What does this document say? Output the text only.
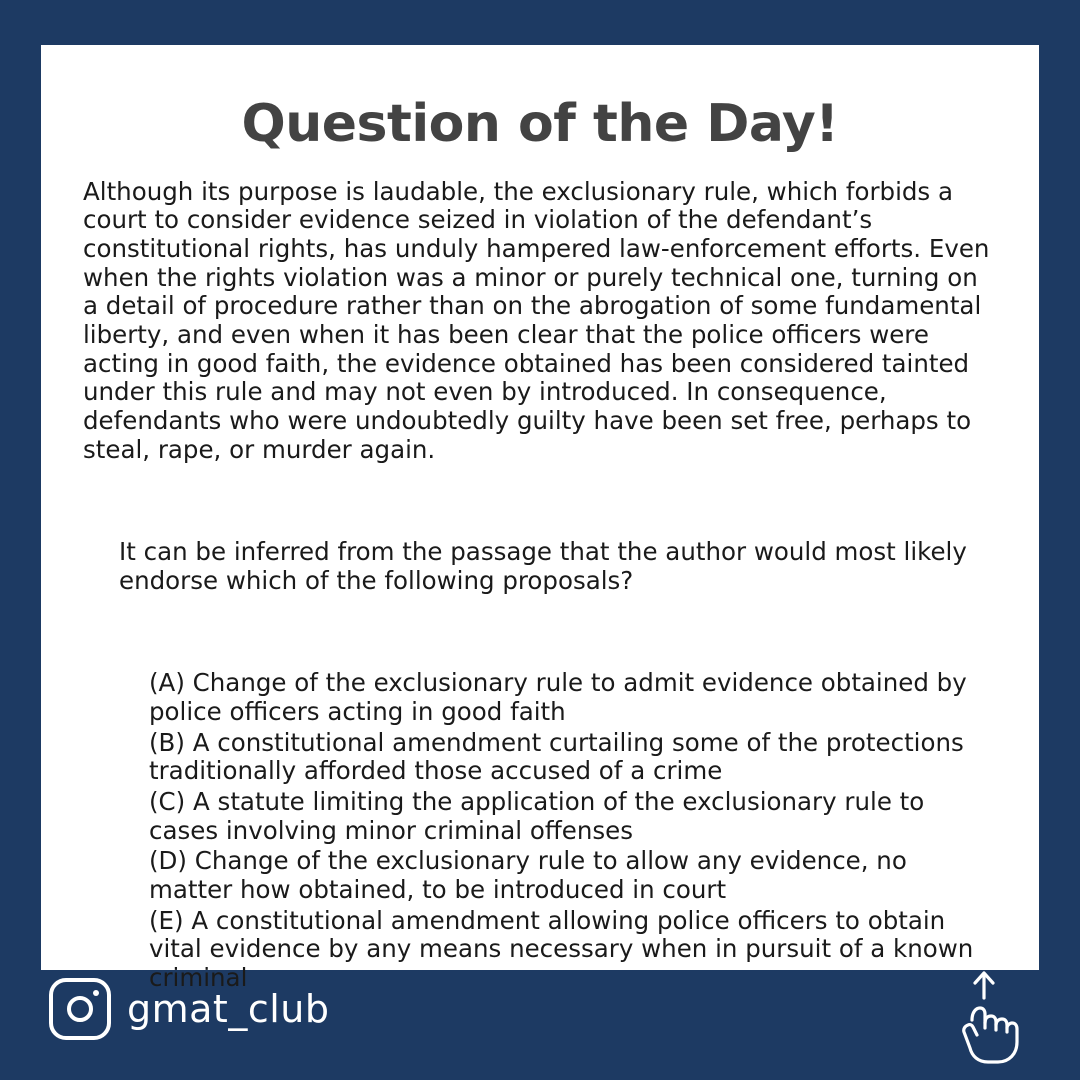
Question of the Day!

Although its purpose is laudable, the exclusionary rule, which forbids a court to consider evidence seized in violation of the defendant’s constitutional rights, has unduly hampered law-enforcement efforts. Even when the rights violation was a minor or purely technical one, turning on a detail of procedure rather than on the abrogation of some fundamental liberty, and even when it has been clear that the police officers were acting in good faith, the evidence obtained has been considered tainted under this rule and may not even by introduced. In consequence, defendants who were undoubtedly guilty have been set free, perhaps to steal, rape, or murder again.

It can be inferred from the passage that the author would most likely endorse which of the following proposals?

(A) Change of the exclusionary rule to admit evidence obtained by police officers acting in good faith
(B) A constitutional amendment curtailing some of the protections traditionally afforded those accused of a crime
(C) A statute limiting the application of the exclusionary rule to cases involving minor criminal offenses
(D) Change of the exclusionary rule to allow any evidence, no matter how obtained, to be introduced in court
(E) A constitutional amendment allowing police officers to obtain vital evidence by any means necessary when in pursuit of a known criminal
gmat_club
